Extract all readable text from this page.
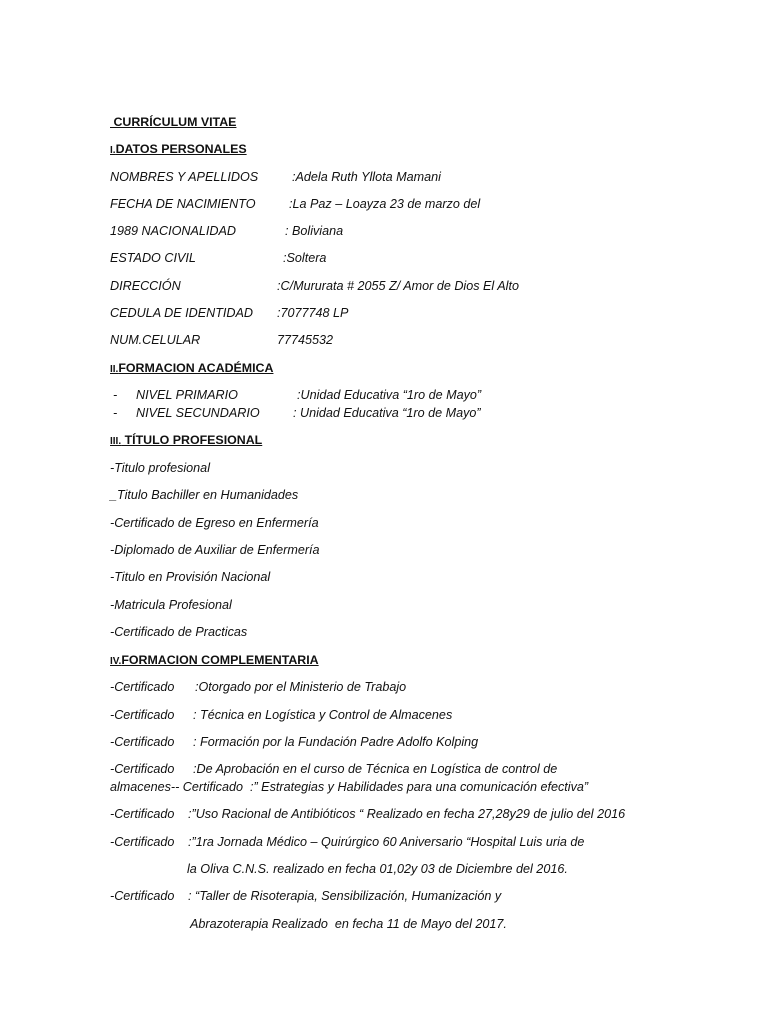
CURRÍCULUM VITAE
I.DATOS PERSONALES
NOMBRES Y APELLIDOS	:Adela Ruth Yllota Mamani
FECHA DE NACIMIENTO	:La Paz – Loayza 23 de marzo del
1989 NACIONALIDAD	: Boliviana
ESTADO CIVIL	:Soltera
DIRECCIÓN	:C/Mururata # 2055 Z/ Amor de Dios El Alto
CEDULA DE IDENTIDAD :7077748 LP
NUM.CELULAR	77745532
II.FORMACION ACADÉMICA
- NIVEL PRIMARIO	:Unidad Educativa “1ro de Mayo”
- NIVEL SECUNDARIO	: Unidad Educativa “1ro de Mayo”
III. TÍTULO PROFESIONAL
-Titulo profesional
_Titulo Bachiller en Humanidades
-Certificado de Egreso en Enfermería
-Diplomado de Auxiliar de Enfermería
-Titulo en Provisión Nacional
-Matricula Profesional
-Certificado de Practicas
IV.FORMACION COMPLEMENTARIA
-Certificado :Otorgado por el Ministerio de Trabajo
-Certificado : Técnica en Logística y Control de Almacenes
-Certificado : Formación por la Fundación Padre Adolfo Kolping
-Certificado :De Aprobación en el curso de Técnica en Logística de control de
almacenes-- Certificado  :” Estrategias y Habilidades para una comunicación efectiva”
-Certificado :”Uso Racional de Antibióticos “ Realizado en fecha 27,28y29 de julio del 2016
-Certificado :”1ra Jornada Médico – Quirúrgico 60 Aniversario “Hospital Luis uria de
la Oliva C.N.S. realizado en fecha 01,02y 03 de Diciembre del 2016.
-Certificado : “Taller de Risoterapia, Sensibilización, Humanización y
Abrazoterapia Realizado  en fecha 11 de Mayo del 2017.
